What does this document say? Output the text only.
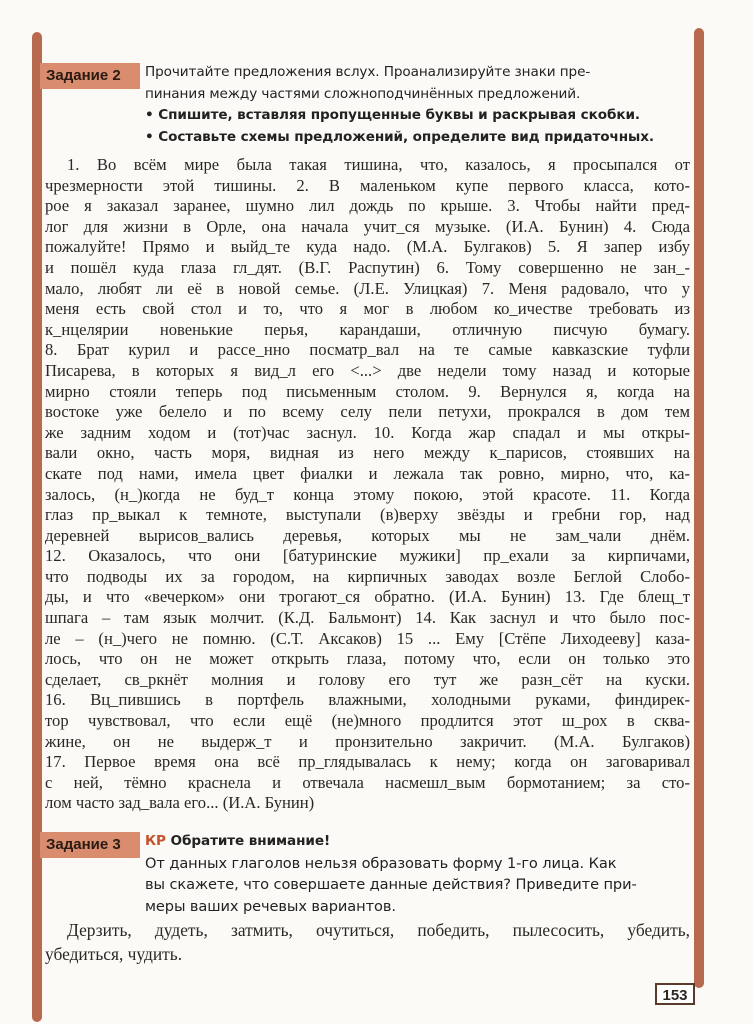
Задание 2	Прочитайте предложения вслух. Проанализируйте знаки пре-
пинания между частями сложноподчинённых предложений.
• Спишите, вставляя пропущенные буквы и раскрывая скобки.
• Составьте схемы предложений, определите вид придаточных.
1. Во всём мире была такая тишина, что, казалось, я просыпался от
чрезмерности этой тишины. 2. В маленьком купе первого класса, кото-
рое я заказал заранее, шумно лил дождь по крыше. 3. Чтобы найти пред-
лог для жизни в Орле, она начала учит_ся музыке. (И.А. Бунин) 4. Сюда
пожалуйте! Прямо и выйд_те куда надо. (М.А. Булгаков) 5. Я запер избу
и пошёл куда глаза гл_дят. (В.Г. Распутин) 6. Тому совершенно не зан_-
мало, любят ли её в новой семье. (Л.Е. Улицкая) 7. Меня радовало, что у
меня есть свой стол и то, что я мог в любом ко_ичестве требовать из
к_нцелярии новенькие перья, карандаши, отличную писчую бумагу.
8. Брат курил и рассе_нно посматр_вал на те самые кавказские туфли
Писарева, в которых я вид_л его <...> две недели тому назад и которые
мирно стояли теперь под письменным столом. 9. Вернулся я, когда на
востоке уже белело и по всему селу пели петухи, прокрался в дом тем
же задним ходом и (тот)час заснул. 10. Когда жар спадал и мы откры-
вали окно, часть моря, видная из него между к_парисов, стоявших на
скате под нами, имела цвет фиалки и лежала так ровно, мирно, что, ка-
залось, (н_)когда не буд_т конца этому покою, этой красоте. 11. Когда
глаз пр_выкал к темноте, выступали (в)верху звёзды и гребни гор, над
деревней вырисов_вались деревья, которых мы не зам_чали днём.
12. Оказалось, что они [батуринские мужики] пр_ехали за кирпичами,
что подводы их за городом, на кирпичных заводах возле Беглой Слобо-
ды, и что «вечерком» они трогают_ся обратно. (И.А. Бунин) 13. Где блещ_т
шпага – там язык молчит. (К.Д. Бальмонт) 14. Как заснул и что было пос-
ле – (н_)чего не помню. (С.Т. Аксаков) 15 ... Ему [Стёпе Лиходееву] каза-
лось, что он не может открыть глаза, потому что, если он только это
сделает, св_ркнёт молния и голову его тут же разн_сёт на куски.
16. Вц_пившись в портфель влажными, холодными руками, финдирек-
тор чувствовал, что если ещё (не)много продлится этот ш_рох в сква-
жине, он не выдерж_т и пронзительно закричит. (М.А. Булгаков)
17. Первое время она всё пр_глядывалась к нему; когда он заговаривал
с ней, тёмно краснела и отвечала насмешл_вым бормотанием; за сто-
лом часто зад_вала его... (И.А. Бунин)
Задание 3	КР Обратите внимание!
От данных глаголов нельзя образовать форму 1-го лица. Как
вы скажете, что совершаете данные действия? Приведите при-
меры ваших речевых вариантов.
Дерзить, дудеть, затмить, очутиться, победить, пылесосить, убедить,
убедиться, чудить.
153
